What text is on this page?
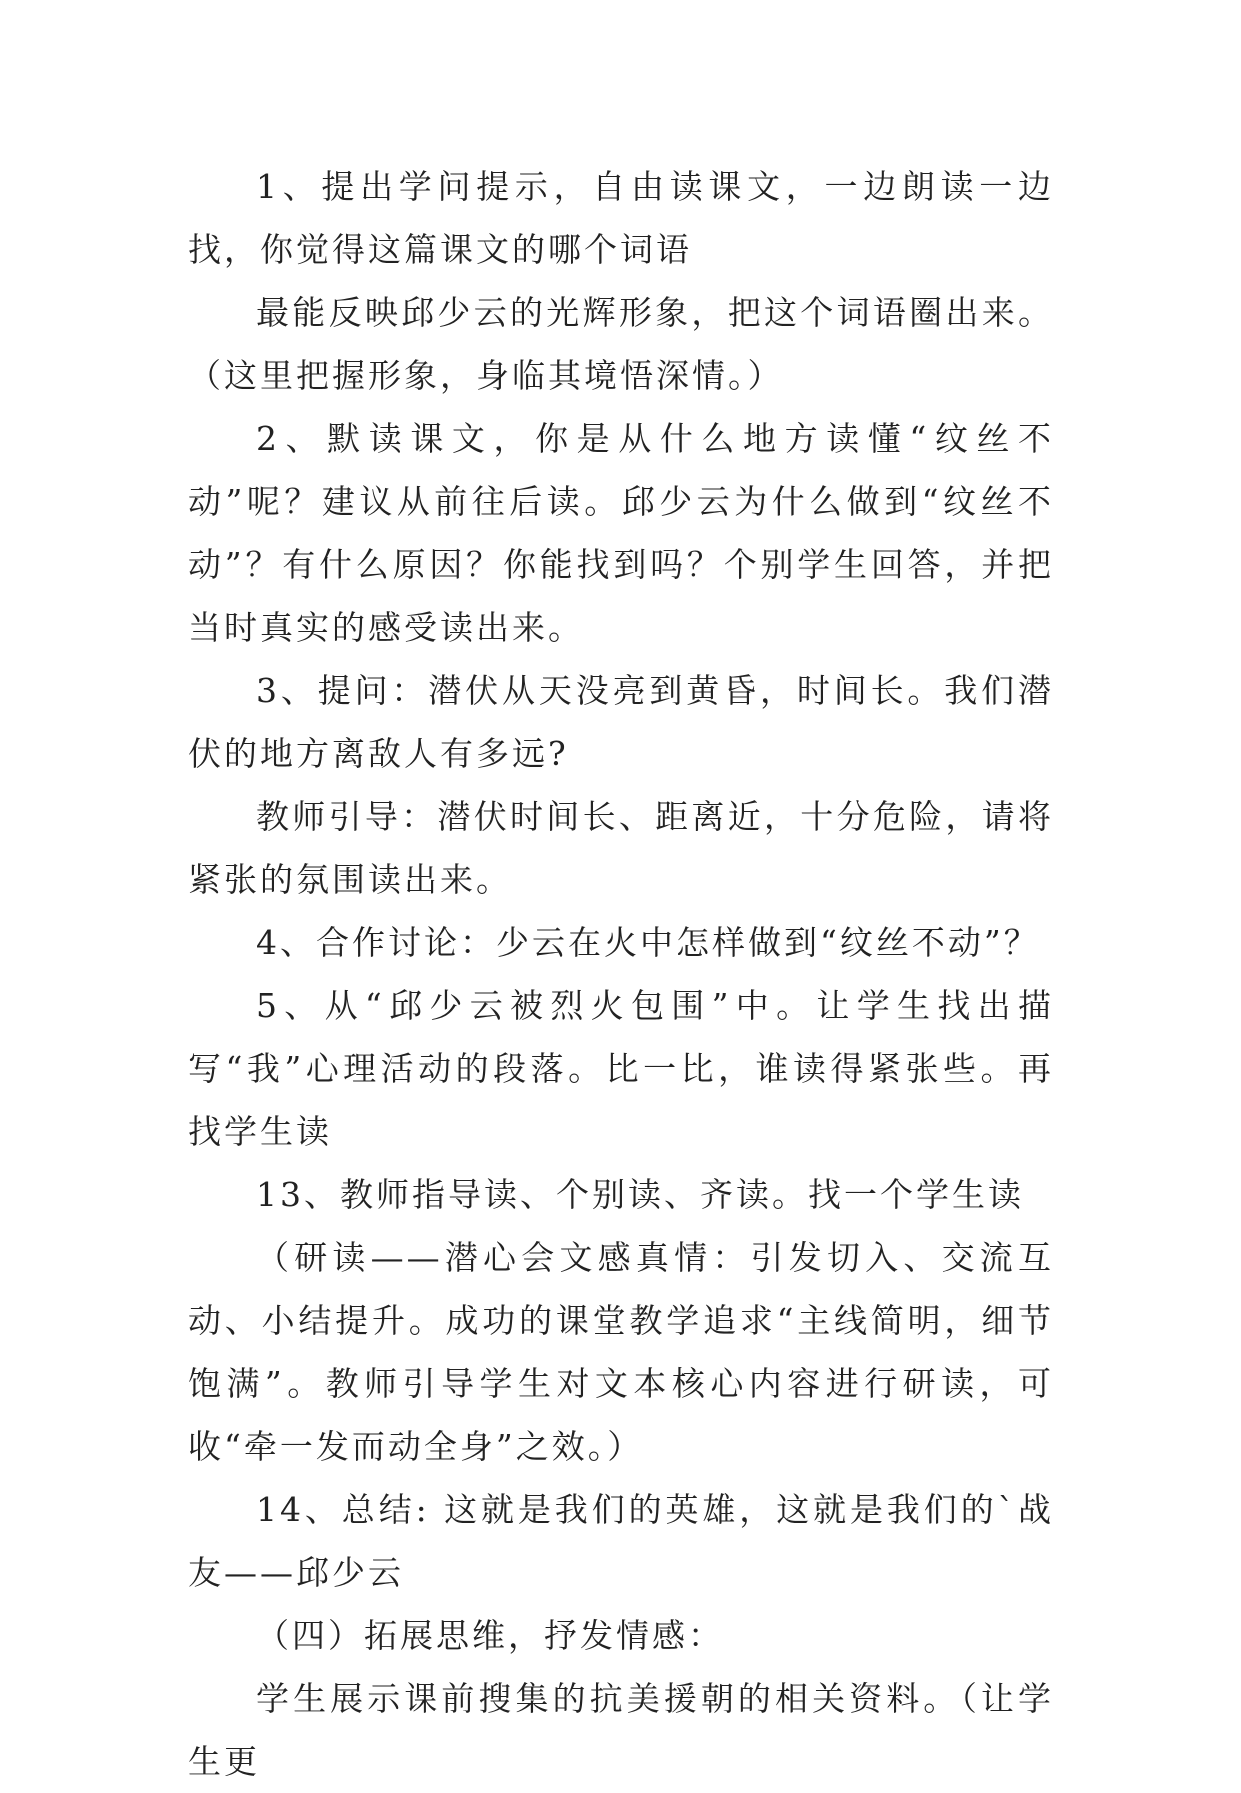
1、提出学问提示，自由读课文，一边朗读一边找，你觉得这篇课文的哪个词语

最能反映邱少云的光辉形象，把这个词语圈出来。（这里把握形象，身临其境悟深情。）

2、默读课文，你是从什么地方读懂“纹丝不动”呢？建议从前往后读。邱少云为什么做到“纹丝不动”？有什么原因？你能找到吗？个别学生回答，并把当时真实的感受读出来。

3、提问：潜伏从天没亮到黄昏，时间长。我们潜伏的地方离敌人有多远?

教师引导：潜伏时间长、距离近，十分危险，请将紧张的氛围读出来。

4、合作讨论：少云在火中怎样做到“纹丝不动”？

5、从“邱少云被烈火包围”中。让学生找出描写“我”心理活动的段落。比一比，谁读得紧张些。再找学生读

13、教师指导读、个别读、齐读。找一个学生读

（研读——潜心会文感真情：引发切入、交流互动、小结提升。成功的课堂教学追求“主线简明，细节饱满”。教师引导学生对文本核心内容进行研读，可收“牵一发而动全身”之效。）

14、总结: 这就是我们的英雄，这就是我们的`战友——邱少云

（四）拓展思维，抒发情感：

学生展示课前搜集的抗美援朝的相关资料。（让学生更
